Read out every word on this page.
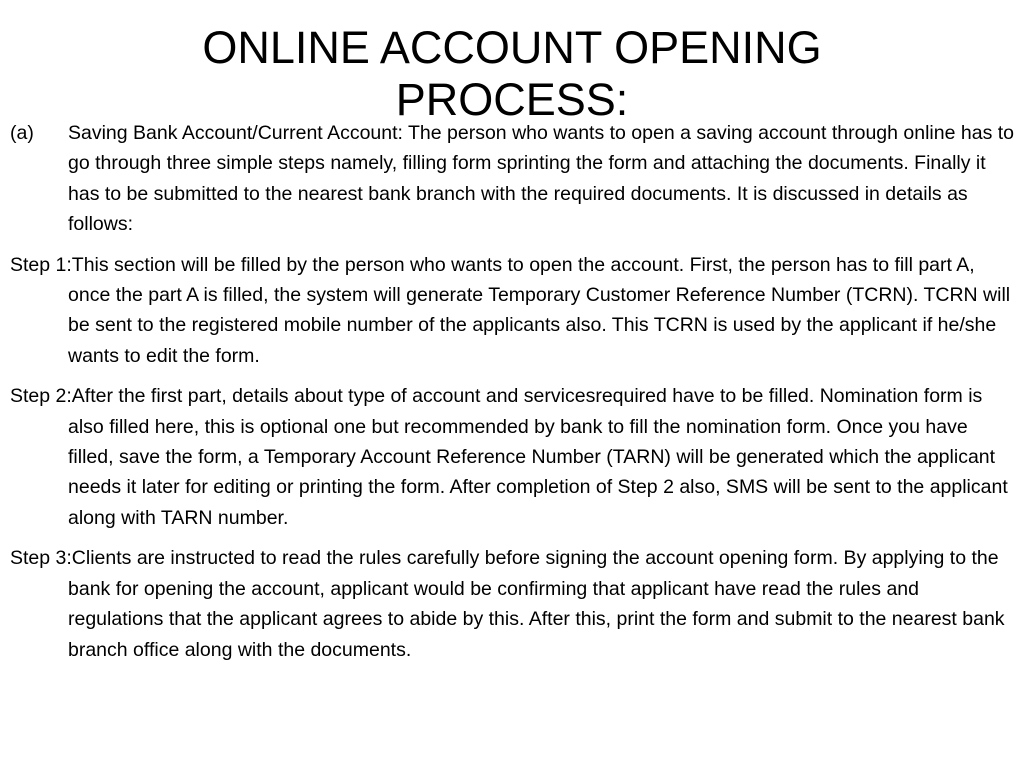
ONLINE ACCOUNT OPENING PROCESS:

(a) Saving Bank Account/Current Account: The person who wants to open a saving account through online has to go through three simple steps namely, filling form sprinting the form and attaching the documents. Finally it has to be submitted to the nearest bank branch with the required documents. It is discussed in details as follows:

Step 1:This section will be filled by the person who wants to open the account. First, the person has to fill part A, once the part A is filled, the system will generate Temporary Customer Reference Number (TCRN). TCRN will be sent to the registered mobile number of the applicants also. This TCRN is used by the applicant if he/she wants to edit the form.

Step 2:After the first part, details about type of account and servicesrequired have to be filled. Nomination form is also filled here, this is optional one but recommended by bank to fill the nomination form. Once you have filled, save the form, a Temporary Account Reference Number (TARN) will be generated which the applicant needs it later for editing or printing the form. After completion of Step 2 also, SMS will be sent to the applicant along with TARN number.

Step 3:Clients are instructed to read the rules carefully before signing the account opening form. By applying to the bank for opening the account, applicant would be confirming that applicant have read the rules and regulations that the applicant agrees to abide by this. After this, print the form and submit to the nearest bank branch office along with the documents.
